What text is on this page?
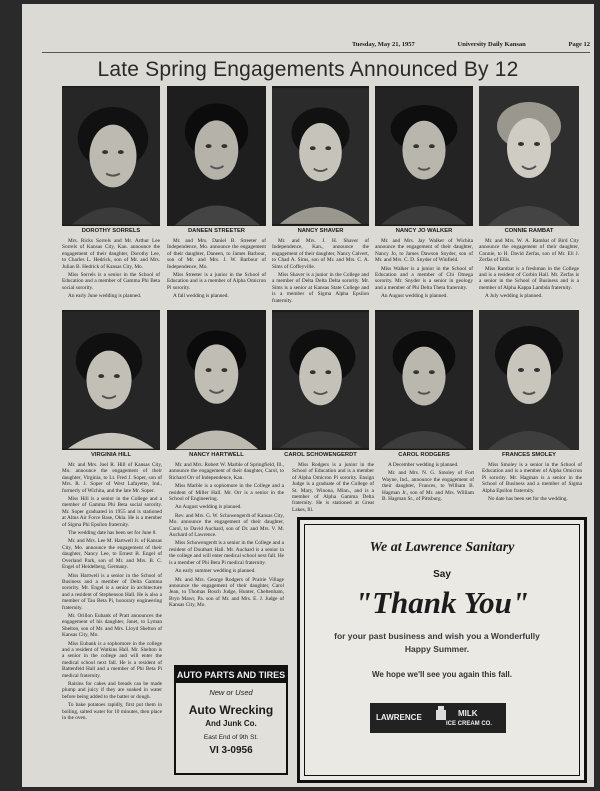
Tuesday, May 21, 1957	University Daily Kansan	Page 12
Late Spring Engagements Announced By 12
DOROTHY SORRELS	DANEEN STREETER	NANCY SHAVER	NANCY JO WALKER	CONNIE RAMBAT

Mrs. Ricks Sorrels and Mr. Arthur Lee Sorrels of Kansas City, Kan. announce the engagement of their daughter, Dorothy Lee, to Charles L. Hedrick, son of Mr. and Mrs. Julian B. Hedrick of Kansas City, Mo.

Miss Sorrels is a senior in the School of Education and a member of Gamma Phi Beta social sorority.

An early June wedding is planned.

Mr. and Mrs. Daniel B. Streeter of Independence, Mo. announce the engagement of their daughter, Daneen, to James Barbour, son of Mr. and Mrs. J. W. Barbour of Independence, Mo.

Miss Streeter is a junior in the School of Education and is a member of Alpha Omicron Pi sorority.

A fall wedding is planned.

Mr. and Mrs. J. H. Shaver of Independence, Kan., announce the engagement of their daughter, Nancy Calvert, to Chad A. Sims, son of Mr. and Mrs. C. A. Sims of Coffeyville.

Miss Shaver is a junior in the College and a member of Delta Delta Delta sorority. Mr. Sims is a senior at Kansas State College and is a member of Sigma Alpha Epsilon fraternity.

Mr. and Mrs. Jay Walker of Wichita announce the engagement of their daughter, Nancy Jo, to James Dawson Snyder, son of Mr. and Mrs. C. D. Snyder of Winfield.

Miss Walker is a junior in the School of Education and a member of Chi Omega sorority. Mr. Snyder is a senior in geology and a member of Phi Delta Theta fraternity.

An August wedding is planned.

Mr. and Mrs. W. A. Rambat of Bird City announce the engagement of their daughter, Connie, to H. David Zerfas, son of Mr. Eli J. Zerfas of Ellis.

Miss Rambat is a freshman in the College and is a resident of Corbin Hall. Mr. Zerfas is a senior in the School of Business and is a member of Alpha Kappa Lambda fraternity.

A July wedding is planned.

VIRGINIA HILL	NANCY HARTWELL	CAROL SCHOWENGERDT	CAROL RODGERS	FRANCES SMOLEY

Mr. and Mrs. Joel R. Hill of Kansas City, Mo. announce the engagement of their daughter, Virginia, to Lt. Fred J. Soper, son of Mrs. R. J. Soper of West Lafayette, Ind., formerly of Wichita, and the late Mr. Soper.

Miss Hill is a senior in the College and a member of Gamma Phi Beta social sorority. Mr. Soper graduated in 1955 and is stationed at Altus Air Force Base, Okla. He is a member of Sigma Phi Epsilon fraternity.

The wedding date has been set for June 8.

Mr. and Mrs. Lee M. Hartwell Jr. of Kansas City, Mo. announce the engagement of their daughter, Nancy Lee, to Ernest B. Engel of Overland Park, son of Mr. and Mrs. B. C. Engel of Heidelberg, Germany.

Miss Hartwell is a senior in the School of Business and a member of Delta Gamma sorority. Mr. Engel is a senior in architecture and a resident of Stephenson Hall. He is also a member of Tau Beta Pi, honorary engineering fraternity.

Mr. Orillon Eubank of Pratt announces the engagement of his daughter, Janet, to Lyman Shelton, son of Mr. and Mrs. Lloyd Shelton of Kansas City, Mo.

Miss Eubank is a sophomore in the college and a resident of Watkins Hall. Mr. Shelton is a senior in the college and will enter the medical school next fall. He is a resident of Battenfeld Hall and a member of Phi Beta Pi medical fraternity.

Raisins for cakes and breads can be made plump and juicy if they are soaked in water before being added to the batter or dough.

To bake potatoes rapidly, first put them in boiling, salted water for 10 minutes, then place in the oven.

Mr. and Mrs. Robert W. Marble of Springfield, Ill., announce the engagement of their daughter, Carol, to Richard Orr of Independence, Kan.

Miss Marble is a sophomore in the College and a resident of Miller Hall. Mr. Orr is a senior in the School of Engineering.

An August wedding is planned.

Rev. and Mrs. G. W. Schowengerdt of Kansas City, Mo. announce the engagement of their daughter, Carol, to David Auchard, son of Dr. and Mrs. V. M. Auchard of Lawrence.

Miss Schowengerdt is a senior in the College and a resident of Douthart Hall. Mr. Auchard is a senior in the college and will enter medical school next fall. He is a member of Phi Beta Pi medical fraternity.

An early summer wedding is planned.

Mr. and Mrs. George Rodgers of Prairie Village announce the engagement of their daughter, Carol Jean, to Thomas Bosch Judge, Hunter, Cheltenham, Bryn Mawr, Pa. son of Mr. and Mrs. E. J. Judge of Kansas City, Mo.

Miss Rodgers is a junior in the School of Education and is a member of Alpha Omicron Pi sorority. Ensign Judge is a graduate of the College of St. Mary, Winona, Minn., and is a member of Alpha Gamma Delta fraternity. He is stationed at Great Lakes, Ill.

A December wedding is planned.

Mr. and Mrs. N. G. Smoley of Fort Wayne, Ind., announce the engagement of their daughter, Frances, to William B. Hagman Jr., son of Mr. and Mrs. William B. Hagman Sr., of Pittsburg.

Miss Smoley is a senior in the School of Education and is a member of Alpha Omicron Pi sorority. Mr. Hagman is a senior in the School of Business and a member of Sigma Alpha Epsilon fraternity.

No date has been set for the wedding.

AUTO PARTS AND TIRES
New or Used
Auto Wrecking
And Junk Co.
East End of 9th St.
VI 3-0956
We at Lawrence Sanitary
Say
"Thank You"
for your past business and wish you a Wonderfully Happy Summer.
We hope we'll see you again this fall.
LAWRENCE	MILK
ICE CREAM CO.
